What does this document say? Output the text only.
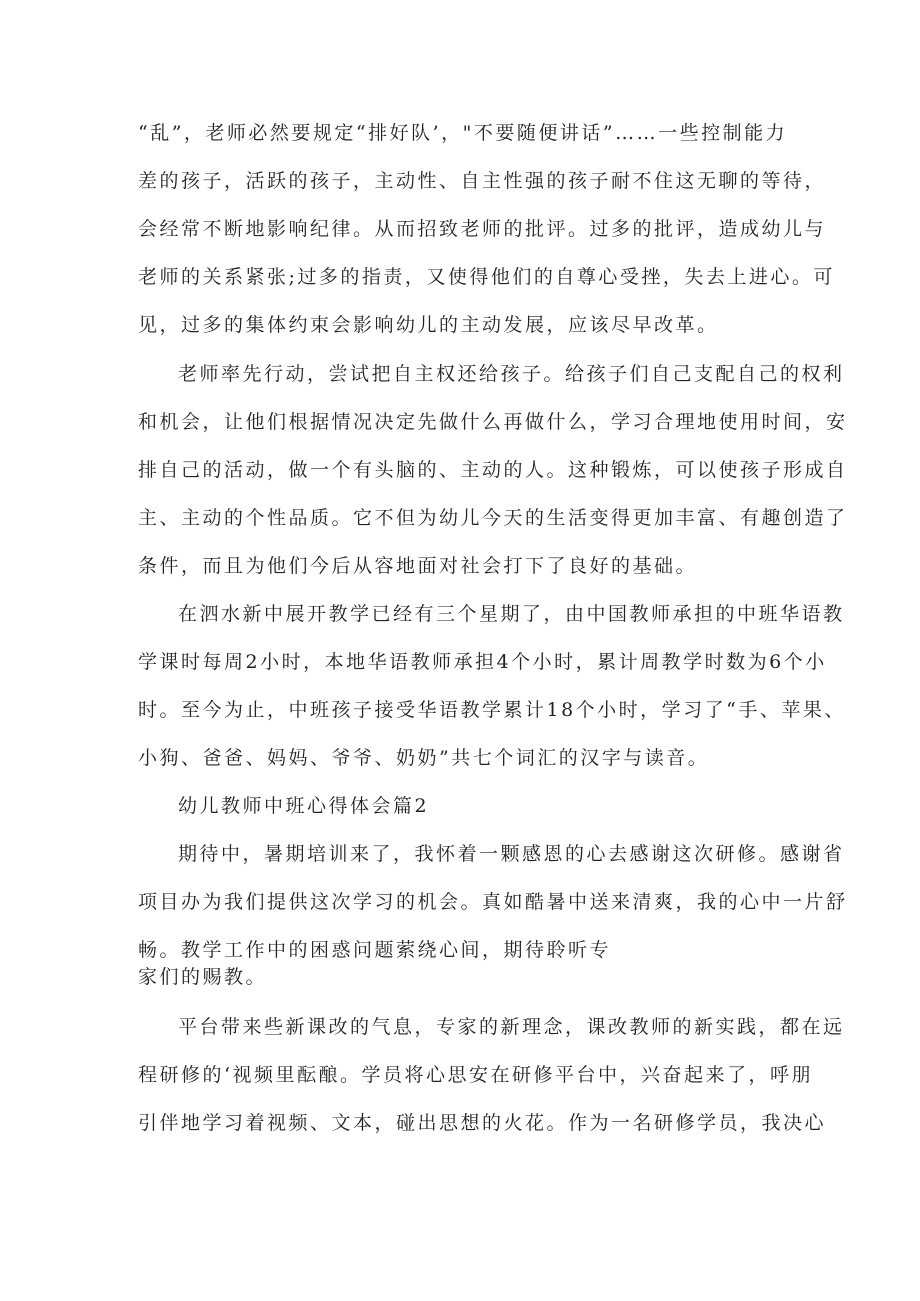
“乱”，老师必然要规定“排好队’，"不要随便讲话”……一些控制能力
差的孩子，活跃的孩子，主动性、自主性强的孩子耐不住这无聊的等待，
会经常不断地影响纪律。从而招致老师的批评。过多的批评，造成幼儿与
老师的关系紧张;过多的指责，又使得他们的自尊心受挫，失去上进心。可
见，过多的集体约束会影响幼儿的主动发展，应该尽早改革。
老师率先行动，尝试把自主权还给孩子。给孩子们自己支配自己的权利
和机会，让他们根据情况决定先做什么再做什么，学习合理地使用时间，安
排自己的活动，做一个有头脑的、主动的人。这种锻炼，可以使孩子形成自
主、主动的个性品质。它不但为幼儿今天的生活变得更加丰富、有趣创造了
条件，而且为他们今后从容地面对社会打下了良好的基础。
在泗水新中展开教学已经有三个星期了，由中国教师承担的中班华语教
学课时每周2小时，本地华语教师承担4个小时，累计周教学时数为6个小
时。至今为止，中班孩子接受华语教学累计18个小时，学习了“手、苹果、
小狗、爸爸、妈妈、爷爷、奶奶”共七个词汇的汉字与读音。
幼儿教师中班心得体会篇2
期待中，暑期培训来了，我怀着一颗感恩的心去感谢这次研修。感谢省
项目办为我们提供这次学习的机会。真如酷暑中送来清爽，我的心中一片舒
畅。教学工作中的困惑问题萦绕心间，期待聆听专
家们的赐教。
平台带来些新课改的气息，专家的新理念，课改教师的新实践，都在远
程研修的‘视频里酝酿。学员将心思安在研修平台中，兴奋起来了，呼朋
引伴地学习着视频、文本，碰出思想的火花。作为一名研修学员，我决心
